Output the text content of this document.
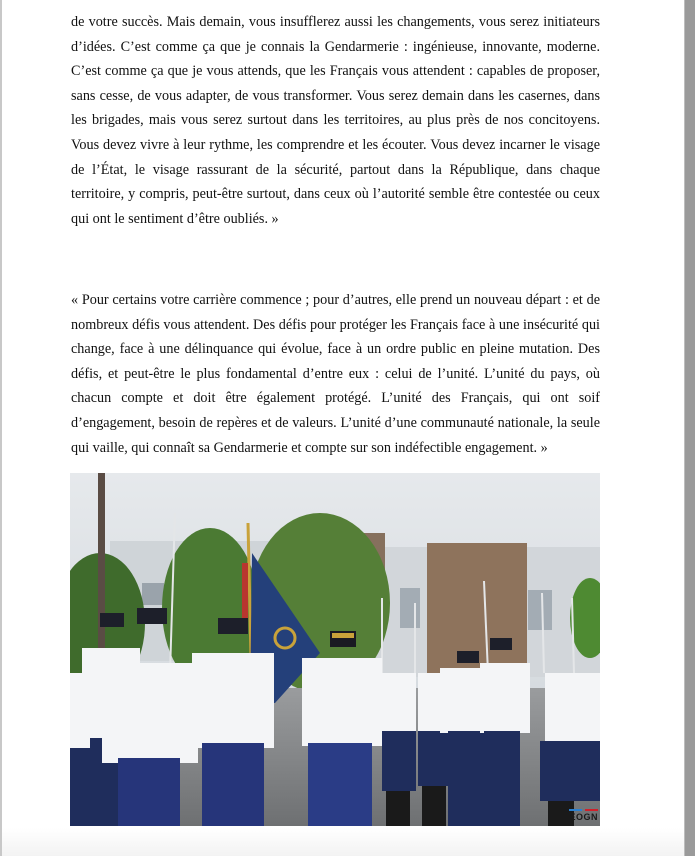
de votre succès. Mais demain, vous insufflerez aussi les changements, vous serez initiateurs d’idées. C’est comme ça que je connais la Gendarmerie : ingénieuse, innovante, moderne. C’est comme ça que je vous attends, que les Français vous attendent : capables de proposer, sans cesse, de vous adapter, de vous transformer. Vous serez demain dans les casernes, dans les brigades, mais vous serez surtout dans les territoires, au plus près de nos concitoyens. Vous devez vivre à leur rythme, les comprendre et les écouter. Vous devez incarner le visage de l’État, le visage rassurant de la sécurité, partout dans la République, dans chaque territoire, y compris, peut-être surtout, dans ceux où l’autorité semble être contestée ou ceux qui ont le sentiment d’être oubliés. »

« Pour certains votre carrière commence ; pour d’autres, elle prend un nouveau départ : et de nombreux défis vous attendent. Des défis pour protéger les Français face à une insécurité qui change, face à une délinquance qui évolue, face à un ordre public en pleine mutation. Des défis, et peut-être le plus fondamental d’entre eux : celui de l’unité. L’unité du pays, où chacun compte et doit être également protégé. L’unité des Français, qui ont soif d’engagement, besoin de repères et de valeurs. L’unité d’une communauté nationale, la seule qui vaille, qui connaît sa Gendarmerie et compte sur son indéfectible engagement. »

EOGN
